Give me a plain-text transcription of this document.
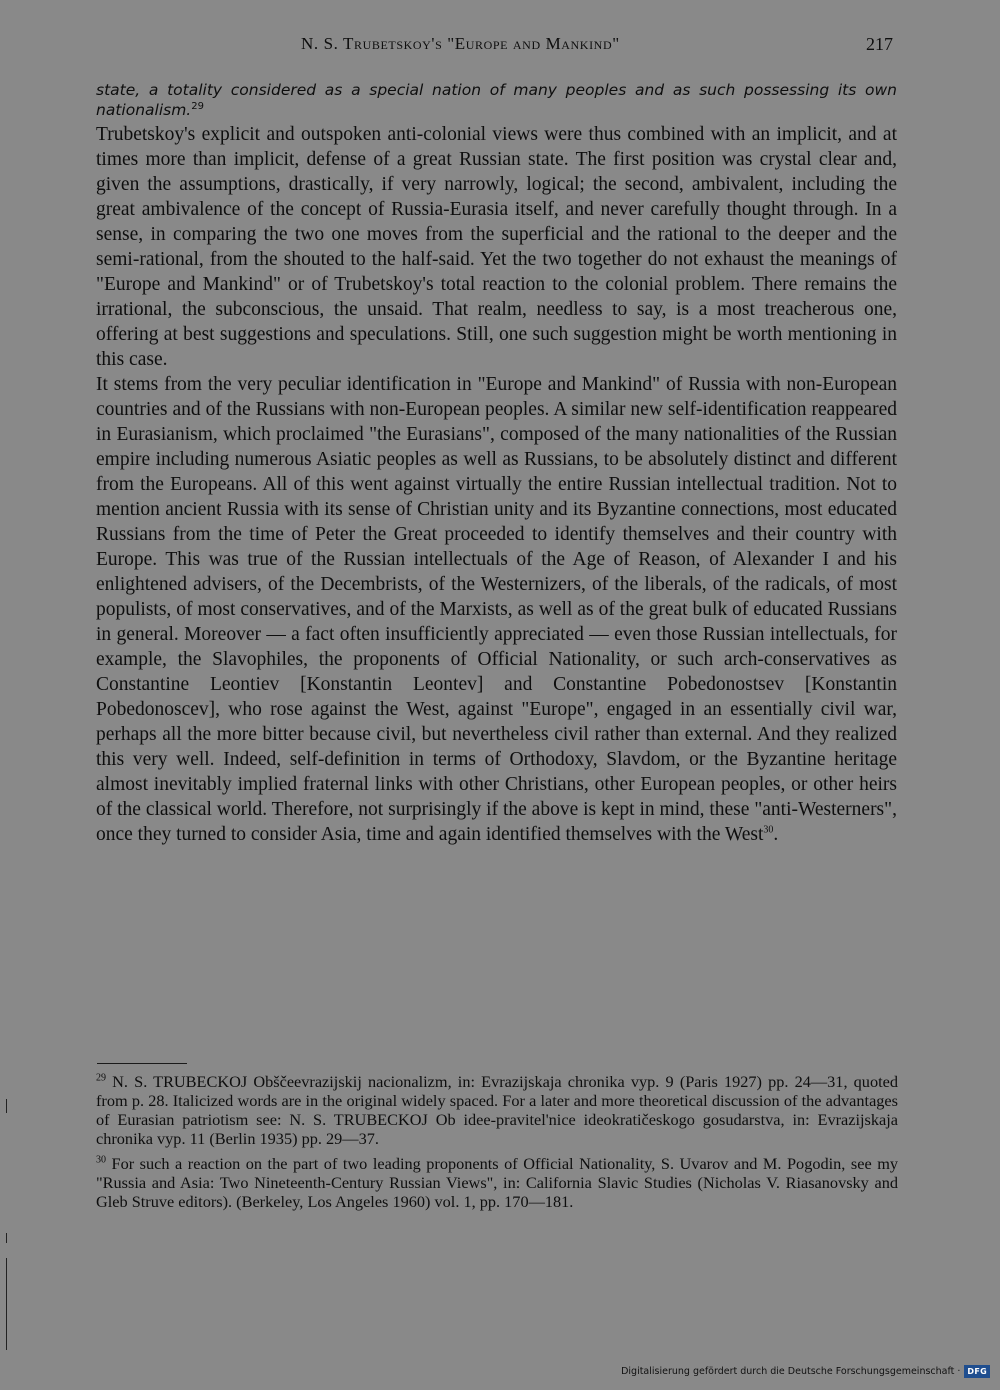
N. S. Trubetskoy's "Europe and Mankind"	217

state, a totality considered as a special nation of many peoples and as such possessing its own nationalism.$^{29}$

Trubetskoy's explicit and outspoken anti-colonial views were thus combined with an implicit, and at times more than implicit, defense of a great Russian state. The first position was crystal clear and, given the assumptions, drastically, if very narrowly, logical; the second, ambivalent, including the great ambivalence of the concept of Russia-Eurasia itself, and never carefully thought through. In a sense, in comparing the two one moves from the superficial and the rational to the deeper and the semi-rational, from the shouted to the half-said. Yet the two together do not exhaust the meanings of "Europe and Mankind" or of Trubetskoy's total reaction to the colonial problem. There remains the irrational, the subconscious, the unsaid. That realm, needless to say, is a most treacherous one, offering at best suggestions and speculations. Still, one such suggestion might be worth mentioning in this case.

It stems from the very peculiar identification in "Europe and Mankind" of Russia with non-European countries and of the Russians with non-European peoples. A similar new self-identification reappeared in Eurasianism, which proclaimed "the Eurasians", composed of the many nationalities of the Russian empire including numerous Asiatic peoples as well as Russians, to be absolutely distinct and different from the Europeans. All of this went against virtually the entire Russian intellectual tradition. Not to mention ancient Russia with its sense of Christian unity and its Byzantine connections, most educated Russians from the time of Peter the Great proceeded to identify themselves and their country with Europe. This was true of the Russian intellectuals of the Age of Reason, of Alexander I and his enlightened advisers, of the Decembrists, of the Westernizers, of the liberals, of the radicals, of most populists, of most conservatives, and of the Marxists, as well as of the great bulk of educated Russians in general. Moreover — a fact often insufficiently appreciated — even those Russian intellectuals, for example, the Slavophiles, the proponents of Official Nationality, or such arch-conservatives as Constantine Leontiev [Konstantin Leontev] and Constantine Pobedonostsev [Konstantin Pobedonoscev], who rose against the West, against "Europe", engaged in an essentially civil war, perhaps all the more bitter because civil, but nevertheless civil rather than external. And they realized this very well. Indeed, self-definition in terms of Orthodoxy, Slavdom, or the Byzantine heritage almost inevitably implied fraternal links with other Christians, other European peoples, or other heirs of the classical world. Therefore, not surprisingly if the above is kept in mind, these "anti-Westerners", once they turned to consider Asia, time and again identified themselves with the West$^{30}$.

$^{29}$ N. S. TRUBECKOJ Obščeevrazijskij nacionalizm, in: Evrazijskaja chronika vyp. 9 (Paris 1927) pp. 24—31, quoted from p. 28. Italicized words are in the original widely spaced. For a later and more theoretical discussion of the advantages of Eurasian patriotism see: N. S. TRUBECKOJ Ob idee-pravitel'nice ideokratičeskogo gosudarstva, in: Evrazijskaja chronika vyp. 11 (Berlin 1935) pp. 29—37.

$^{30}$ For such a reaction on the part of two leading proponents of Official Nationality, S. Uvarov and M. Pogodin, see my "Russia and Asia: Two Nineteenth-Century Russian Views", in: California Slavic Studies (Nicholas V. Riasanovsky and Gleb Struve editors). (Berkeley, Los Angeles 1960) vol. 1, pp. 170—181.

Digitalisierung gefördert durch die Deutsche Forschungsgemeinschaft · DFG
